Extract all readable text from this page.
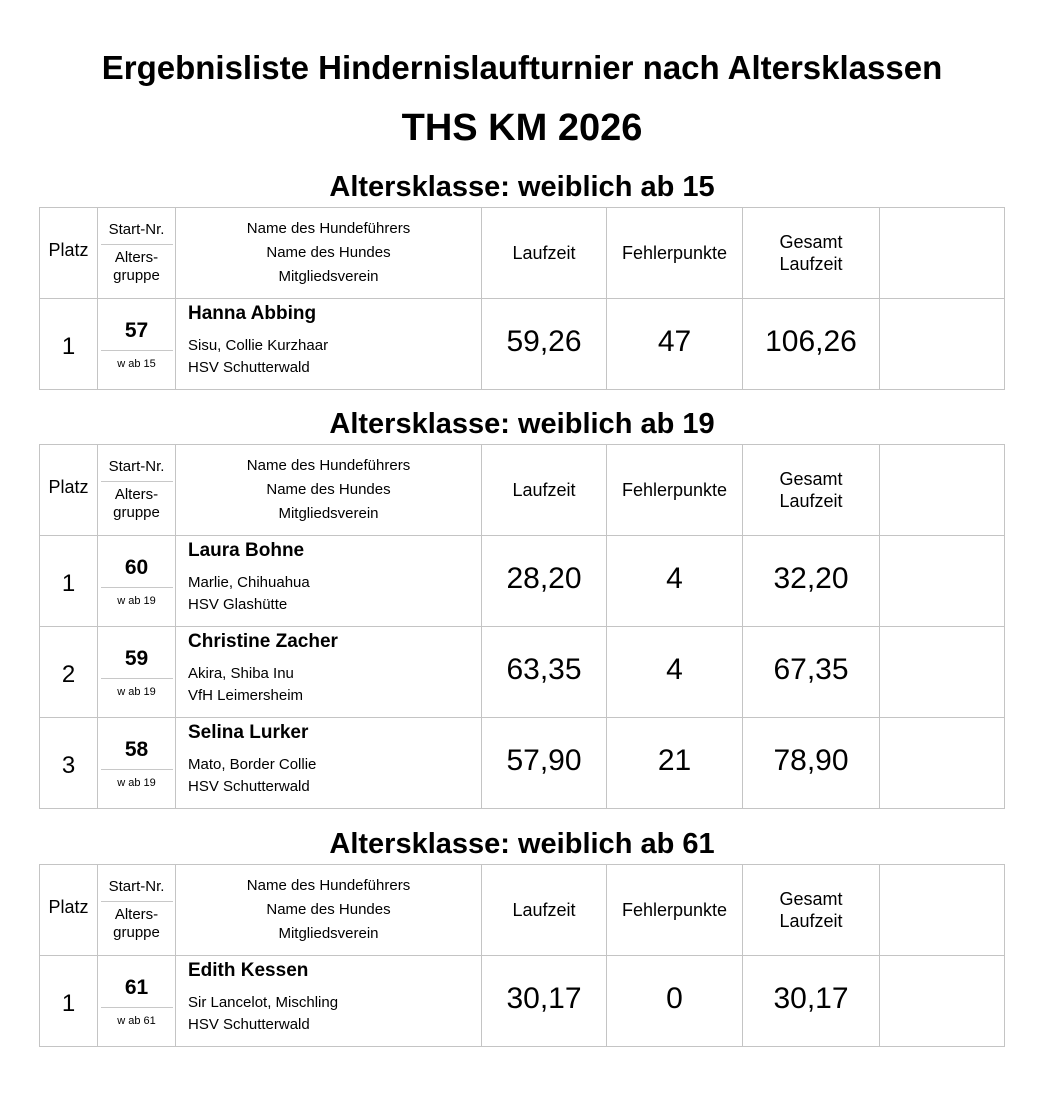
Ergebnisliste Hindernislaufturnier nach Altersklassen
THS KM 2026
Altersklasse: weiblich ab 15
Platz	Start-Nr.
Alters-
gruppe	Name des Hundeführers
Name des Hundes
Mitgliedsverein	Laufzeit	Fehlerpunkte	Gesamt
Laufzeit	
1	57
w ab 15	Hanna Abbing
Sisu, Collie Kurzhaar
HSV Schutterwald	59,26	47	106,26	
Altersklasse: weiblich ab 19
Platz	Start-Nr.
Alters-
gruppe	Name des Hundeführers
Name des Hundes
Mitgliedsverein	Laufzeit	Fehlerpunkte	Gesamt
Laufzeit	
1	60
w ab 19	Laura Bohne
Marlie, Chihuahua
HSV Glashütte	28,20	4	32,20	
2	59
w ab 19	Christine Zacher
Akira, Shiba Inu
VfH Leimersheim	63,35	4	67,35	
3	58
w ab 19	Selina Lurker
Mato, Border Collie
HSV Schutterwald	57,90	21	78,90	
Altersklasse: weiblich ab 61
Platz	Start-Nr.
Alters-
gruppe	Name des Hundeführers
Name des Hundes
Mitgliedsverein	Laufzeit	Fehlerpunkte	Gesamt
Laufzeit	
1	61
w ab 61	Edith Kessen
Sir Lancelot, Mischling
HSV Schutterwald	30,17	0	30,17	
